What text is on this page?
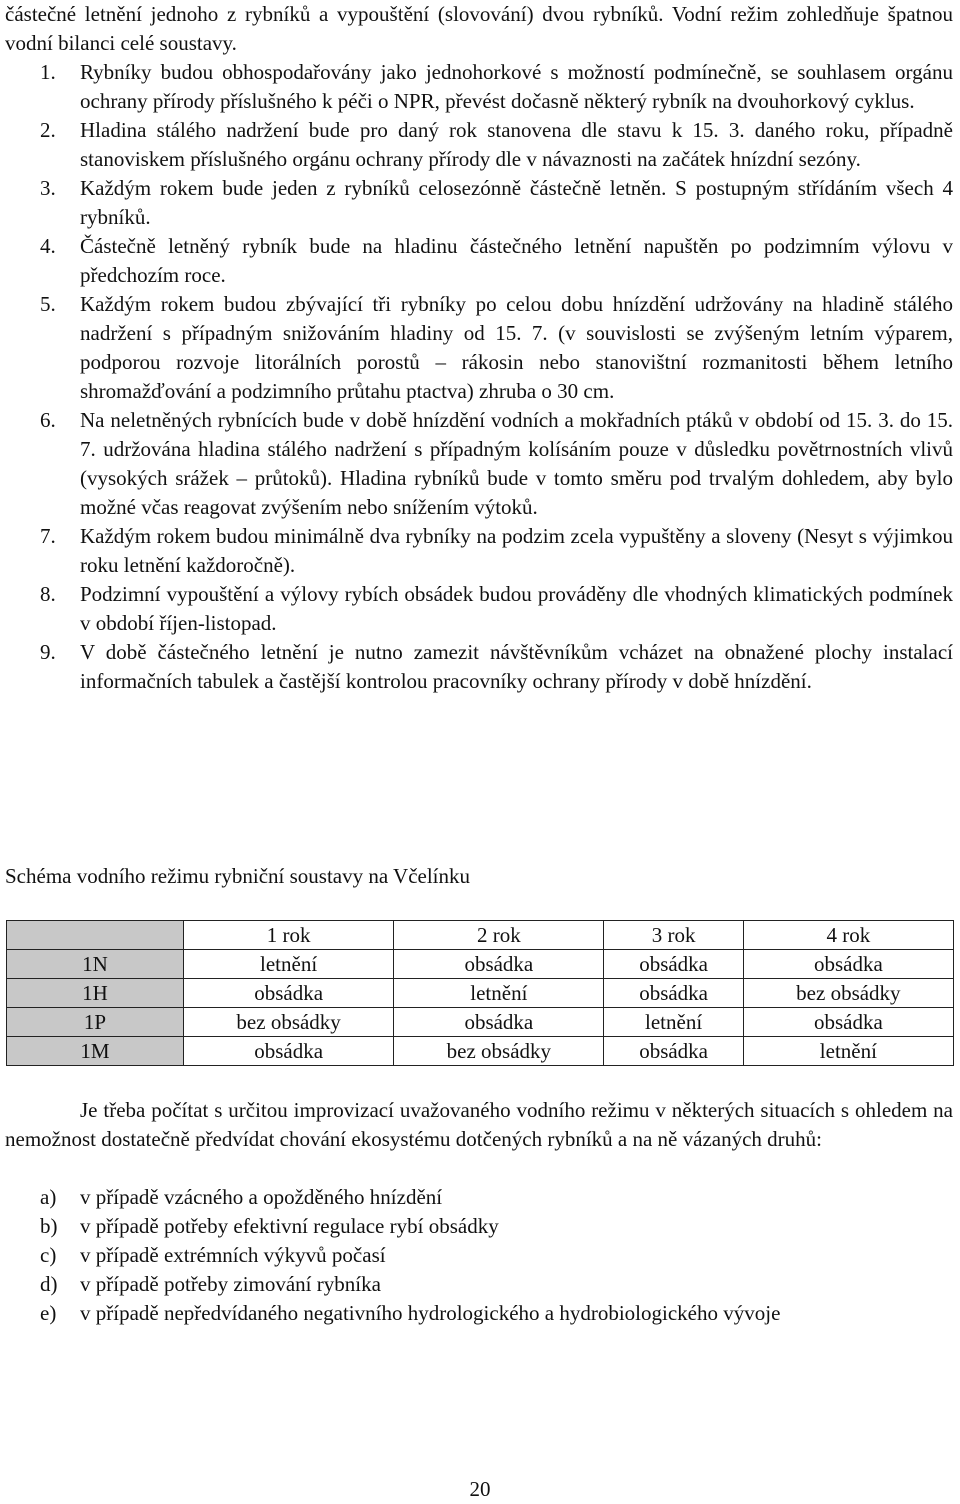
částečné letnění jednoho z rybníků a vypouštění (slovování) dvou rybníků. Vodní režim zohledňuje špatnou vodní bilanci celé soustavy.

1. Rybníky budou obhospodařovány jako jednohorkové s možností podmínečně, se souhlasem orgánu ochrany přírody příslušného k péči o NPR, převést dočasně některý rybník na dvouhorkový cyklus.
2. Hladina stálého nadržení bude pro daný rok stanovena dle stavu k 15. 3. daného roku, případně stanoviskem příslušného orgánu ochrany přírody dle v návaznosti na začátek hnízdní sezóny.
3. Každým rokem bude jeden z rybníků celosezónně částečně letněn. S postupným střídáním všech 4 rybníků.
4. Částečně letněný rybník bude na hladinu částečného letnění napuštěn po podzimním výlovu v předchozím roce.
5. Každým rokem budou zbývající tři rybníky po celou dobu hnízdění udržovány na hladině stálého nadržení s případným snižováním hladiny od 15. 7. (v souvislosti se zvýšeným letním výparem, podporou rozvoje litorálních porostů – rákosin nebo stanovištní rozmanitosti během letního shromažďování a podzimního průtahu ptactva) zhruba o 30 cm.
6. Na neletněných rybnících bude v době hnízdění vodních a mokřadních ptáků v období od 15. 3. do 15. 7. udržována hladina stálého nadržení s případným kolísáním pouze v důsledku povětrnostních vlivů (vysokých srážek – průtoků). Hladina rybníků bude v tomto směru pod trvalým dohledem, aby bylo možné včas reagovat zvýšením nebo snížením výtoků.
7. Každým rokem budou minimálně dva rybníky na podzim zcela vypuštěny a sloveny (Nesyt s výjimkou roku letnění každoročně).
8. Podzimní vypouštění a výlovy rybích obsádek budou prováděny dle vhodných klimatických podmínek v období říjen-listopad.
9. V době částečného letnění je nutno zamezit návštěvníkům vcházet na obnažené plochy instalací informačních tabulek a častější kontrolou pracovníky ochrany přírody v době hnízdění.
Schéma vodního režimu rybniční soustavy na Včelínku
	1 rok	2 rok	3 rok	4 rok
1N	letnění	obsádka	obsádka	obsádka
1H	obsádka	letnění	obsádka	bez obsádky
1P	bez obsádky	obsádka	letnění	obsádka
1M	obsádka	bez obsádky	obsádka	letnění

Je třeba počítat s určitou improvizací uvažovaného vodního režimu v některých situacích s ohledem na nemožnost dostatečně předvídat chování ekosystému dotčených rybníků a na ně vázaných druhů:

a) v případě vzácného a opožděného hnízdění
b) v případě potřeby efektivní regulace rybí obsádky
c) v případě extrémních výkyvů počasí
d) v případě potřeby zimování rybníka
e) v případě nepředvídaného negativního hydrologického a hydrobiologického vývoje
20
